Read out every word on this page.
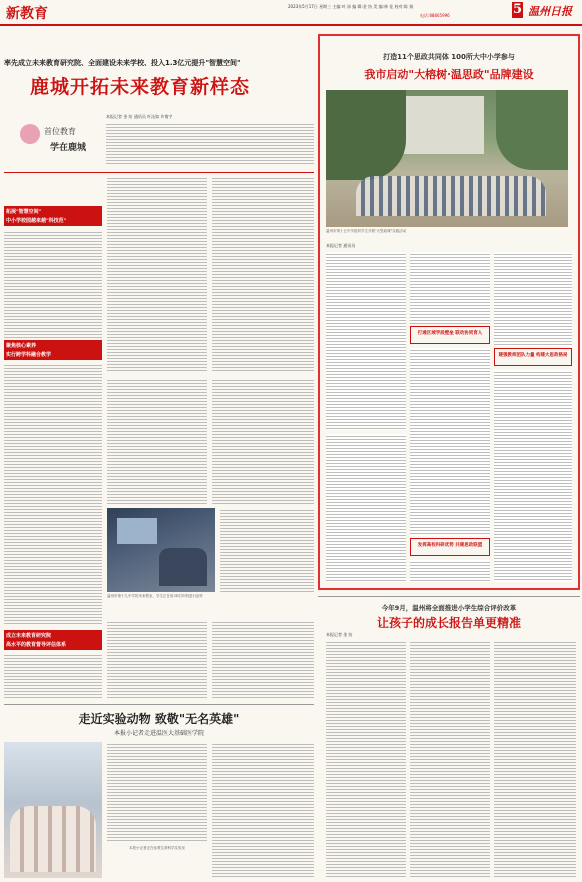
新教育	2023年5月17日 星期三 主编:叶 沛 编 辑:金 纺 美 编:林 佳 校对:陈 娟
电话:88865996	5 温州日报
率先成立未来教育研究院、全面建设未来学校、投入1.3亿元提升"智慧空间"
鹿城开拓未来教育新样态
首位教育
学在鹿城
本报记者 金 纺 通讯员 叶沁如 许倩宇
拓展"智慧空间"
中小学校园越来越"科技范"
聚焦核心素养
实行跨学科融合教学
温州市第十九中学的未来教室，学生正在用3D打印机进行创作
成立未来教育研究院
高水平的教育督导评估体系
打造11个思政共同体 100所大中小学参与
我市启动"大榕树·温思政"品牌建设
温州市第十五中学组织学生开展"大思政课"实践活动
本报记者 通讯员
打通区域学段壁垒 联动协同育人
建强教师团队力量 构建大思政格局
发挥高校科研优势 共建思政联盟
今年9月，温州将全面推进小学生综合评价改革
让孩子的成长报告单更精准
本报记者 金 纺
走近实验动物 致敬"无名英雄"
本报小记者走进温医大基础医学院
本报小记者正在参观生命科学实验室
